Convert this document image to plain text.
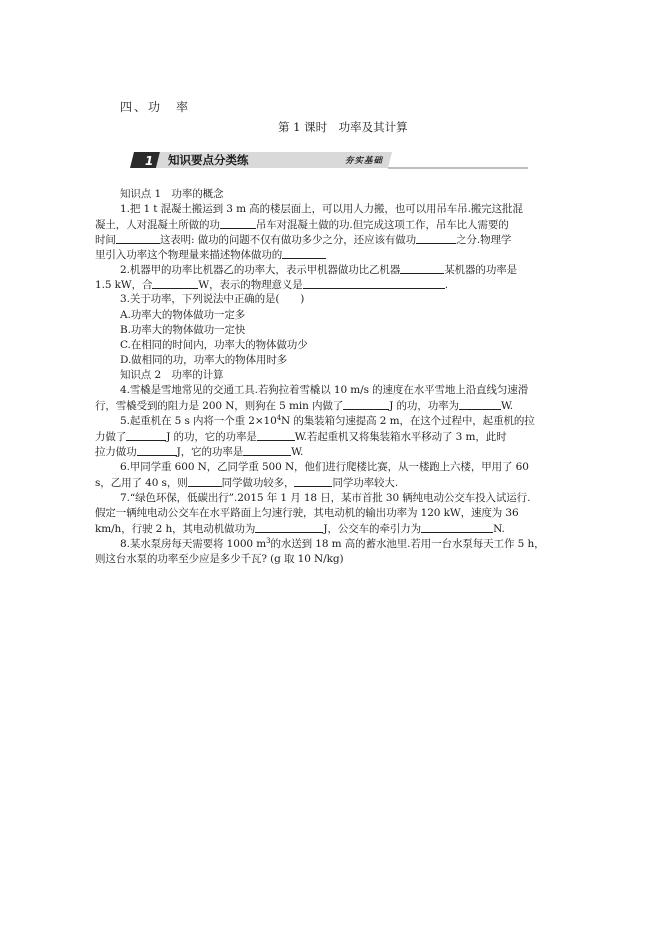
四、功　率
第 1 课时　功率及其计算
1 知识要点分类练	夯实基础
知识点 1　功率的概念
1.把 1 t 混凝土搬运到 3 m 高的楼层面上，可以用人力搬，也可以用吊车吊.搬完这批混
凝土，人对混凝土所做的功	吊车对混凝土做的功.但完成这项工作，吊车比人需要的
时间	这表明: 做功的问题不仅有做功多少之分，还应该有做功	之分.物理学
里引入功率这个物理量来描述物体做功的
2.机器甲的功率比机器乙的功率大，表示甲机器做功比乙机器	某机器的功率是
1.5 kW，合	W，表示的物理意义是	.
3.关于功率，下列说法中正确的是(　　)
A.功率大的物体做功一定多
B.功率大的物体做功一定快
C.在相同的时间内，功率大的物体做功少
D.做相同的功，功率大的物体用时多
知识点 2　功率的计算
4.雪橇是雪地常见的交通工具.若狗拉着雪橇以 10 m/s 的速度在水平雪地上沿直线匀速滑
行，雪橇受到的阻力是 200 N，则狗在 5 min 内做了	J 的功，功率为	W.
5.起重机在 5 s 内将一个重 $2\times 10^4N$ 的集装箱匀速提高 2 m，在这个过程中，起重机的拉
力做了	J 的功，它的功率是	W.若起重机又将集装箱水平移动了 3 m，此时
拉力做功	J，它的功率是	W.
6.甲同学重 600 N，乙同学重 500 N，他们进行爬楼比赛，从一楼跑上六楼，甲用了 60
s，乙用了 40 s，则	同学做功较多，	同学功率较大.
7.“绿色环保，低碳出行”.2015 年 1 月 18 日，某市首批 30 辆纯电动公交车投入试运行.
假定一辆纯电动公交车在水平路面上匀速行驶，其电动机的输出功率为 120 kW，速度为 36
km/h，行驶 2 h，其电动机做功为	J，公交车的牵引力为	N.
8.某水泵房每天需要将 1000 $m^3$的水送到 18 m 高的蓄水池里.若用一台水泵每天工作 5 h，
则这台水泵的功率至少应是多少千瓦? (g 取 10 N/kg)
